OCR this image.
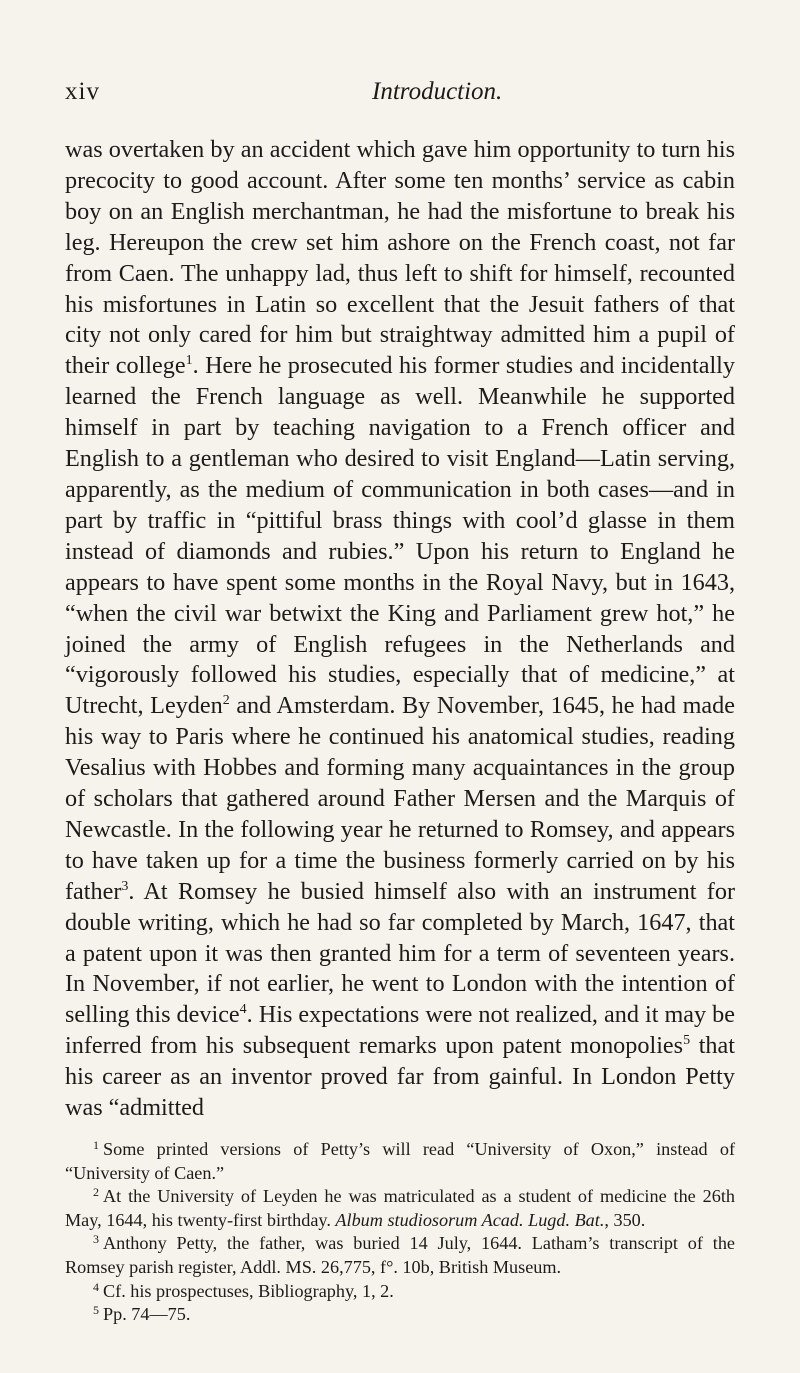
xiv	Introduction.

was overtaken by an accident which gave him opportunity to turn his precocity to good account. After some ten months’ service as cabin boy on an English merchantman, he had the misfortune to break his leg. Hereupon the crew set him ashore on the French coast, not far from Caen. The unhappy lad, thus left to shift for himself, recounted his misfortunes in Latin so excellent that the Jesuit fathers of that city not only cared for him but straightway admitted him a pupil of their college$^1$. Here he prosecuted his former studies and incidentally learned the French language as well. Meanwhile he supported himself in part by teaching navigation to a French officer and English to a gentleman who desired to visit England—Latin serving, apparently, as the medium of communication in both cases—and in part by traffic in “pittiful brass things with cool’d glasse in them instead of diamonds and rubies.” Upon his return to England he appears to have spent some months in the Royal Navy, but in 1643, “when the civil war betwixt the King and Parliament grew hot,” he joined the army of English refugees in the Netherlands and “vigorously followed his studies, especially that of medicine,” at Utrecht, Leyden$^2$ and Amsterdam. By November, 1645, he had made his way to Paris where he continued his anatomical studies, reading Vesalius with Hobbes and forming many acquaintances in the group of scholars that gathered around Father Mersen and the Marquis of Newcastle. In the following year he returned to Romsey, and appears to have taken up for a time the business formerly carried on by his father$^3$. At Romsey he busied himself also with an instrument for double writing, which he had so far completed by March, 1647, that a patent upon it was then granted him for a term of seventeen years. In November, if not earlier, he went to London with the intention of selling this device$^4$. His expectations were not realized, and it may be inferred from his subsequent remarks upon patent monopolies$^5$ that his career as an inventor proved far from gainful. In London Petty was “admitted

$^1$ Some printed versions of Petty’s will read “University of Oxon,” instead of “University of Caen.”

$^2$ At the University of Leyden he was matriculated as a student of medicine the 26th May, 1644, his twenty-first birthday. Album studiosorum Acad. Lugd. Bat., 350.

$^3$ Anthony Petty, the father, was buried 14 July, 1644. Latham’s transcript of the Romsey parish register, Addl. MS. 26,775, f°. 10b, British Museum.

$^4$ Cf. his prospectuses, Bibliography, 1, 2.

$^5$ Pp. 74—75.
